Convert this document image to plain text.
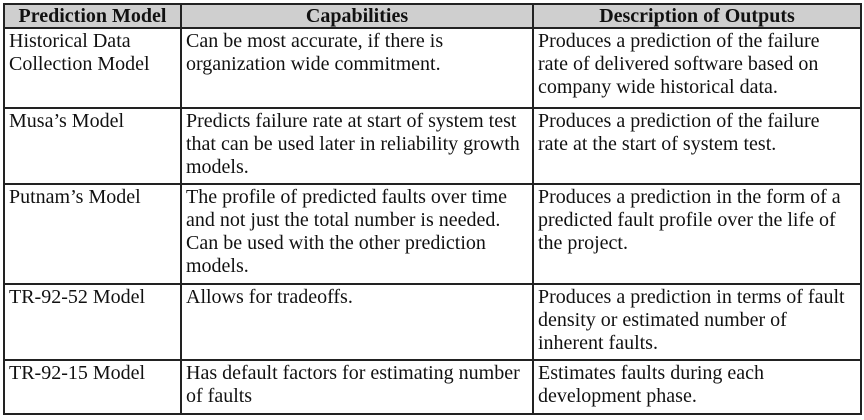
Prediction Model	Capabilities	Description of Outputs
Historical Data Collection Model	Can be most accurate, if there is organization wide commitment.	Produces a prediction of the failure rate of delivered software based on company wide historical data.
Musa’s Model	Predicts failure rate at start of system test that can be used later in reliability growth models.	Produces a prediction of the failure rate at the start of system test.
Putnam’s Model	The profile of predicted faults over time and not just the total number is needed. Can be used with the other prediction models.	Produces a prediction in the form of a predicted fault profile over the life of the project.
TR-92-52 Model	Allows for tradeoffs.	Produces a prediction in terms of fault density or estimated number of inherent faults.
TR-92-15 Model	Has default factors for estimating number of faults	Estimates faults during each development phase.
